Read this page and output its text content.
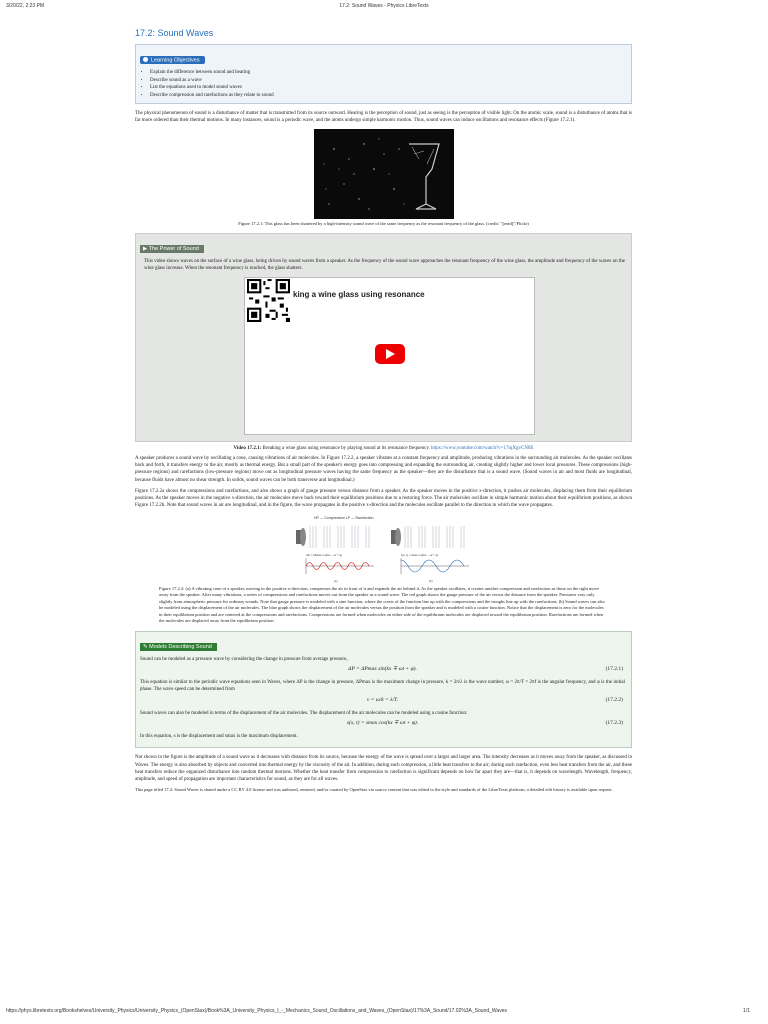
3/20/22, 2:23 PM	17.2: Sound Waves - Physics LibreTexts
17.2: Sound Waves
Learning Objectives
• Explain the difference between sound and hearing
• Describe sound as a wave
• List the equations used to model sound waves
• Describe compression and rarefactions as they relate to sound

The physical phenomenon of sound is a disturbance of matter that is transmitted from its source outward. Hearing is the perception of sound, just as seeing is the perception of visible light. On the atomic scale, sound is a disturbance of atoms that is far more ordered than their thermal motions. In many instances, sound is a periodic wave, and the atoms undergo simple harmonic motion. Thus, sound waves can induce oscillations and resonance effects (Figure 17.2.1).

Figure 17.2.1: This glass has been shattered by a high-intensity sound wave of the same frequency as the resonant frequency of the glass. (credit: "||read||"/Flickr)
▶ The Power of Sound

This video shows waves on the surface of a wine glass, being driven by sound waves from a speaker. As the frequency of the sound wave approaches the resonant frequency of the wine glass, the amplitude and frequency of the waves on the wine glass increase. When the resonant frequency is reached, the glass shatters.

king a wine glass using resonance
Video 17.2.1: Breaking a wine glass using resonance by playing sound at its resonance frequency. https://www.youtube.com/watch?v=17tqXgvCN0E

A speaker produces a sound wave by oscillating a cone, causing vibrations of air molecules. In Figure 17.2.2, a speaker vibrates at a constant frequency and amplitude, producing vibrations in the surrounding air molecules. As the speaker oscillates back and forth, it transfers energy to the air, mostly as thermal energy. But a small part of the speaker's energy goes into compressing and expanding the surrounding air, creating slightly higher and lower local pressures. These compressions (high-pressure regions) and rarefactions (low-pressure regions) move out as longitudinal pressure waves having the same frequency as the speaker—they are the disturbance that is a sound wave. (Sound waves in air and most fluids are longitudinal, because fluids have almost no shear strength. In solids, sound waves can be both transverse and longitudinal.)

Figure 17.2.2a shows the compressions and rarefactions, and also shows a graph of gauge pressure versus distance from a speaker. As the speaker moves in the positive x-direction, it pushes air molecules, displacing them from their equilibrium positions. As the speaker moves in the negative x-direction, the air molecules move back toward their equilibrium positions due to a restoring force. The air molecules oscillate in simple harmonic motion about their equilibrium positions, as shown Figure 17.2.2b. Note that sound waves in air are longitudinal, and in the figure, the wave propagates in the positive x-direction and the molecules oscillate parallel to the direction in which the wave propagates.

HP — Compression LP — Rarefaction
ΔP = ΔPmax cos(kx − ωt + φ)
(a)
s(x, t) = smax cos(kx − ωt + φ)
(b)
Figure 17.2.2: (a) A vibrating cone of a speaker, moving in the positive x-direction, compresses the air in front of it and expands the air behind it. As the speaker oscillates, it creates another compression and rarefaction as those on the right move away from the speaker. After many vibrations, a series of compressions and rarefactions moves out from the speaker as a sound wave. The red graph shows the gauge pressure of the air versus the distance from the speaker. Pressures vary only slightly from atmospheric pressure for ordinary sounds. Note that gauge pressure is modeled with a sine function, where the crests of the function line up with the compressions and the troughs line up with the rarefactions. (b) Sound waves can also be modeled using the displacement of the air molecules. The blue graph shows the displacement of the air molecules versus the position from the speaker and is modeled with a cosine function. Notice that the displacement is zero for the molecules in their equilibrium position and are centered at the compressions and rarefactions. Compressions are formed when molecules on either side of the equilibrium molecules are displaced toward the equilibrium position. Rarefactions are formed when the molecules are displaced away from the equilibrium position.
✎ Models Describing Sound

Sound can be modeled as a pressure wave by considering the change in pressure from average pressure,

ΔP = ΔPmax sin(kx ∓ ωt + φ).	(17.2.1)

This equation is similar to the periodic wave equations seen in Waves, where ΔP is the change in pressure, ΔPmax is the maximum change in pressure, k = 2π/λ is the wave number, ω = 2π/T = 2πf is the angular frequency, and φ is the initial phase. The wave speed can be determined from

v = ω/k = λ/T.	(17.2.2)

Sound waves can also be modeled in terms of the displacement of the air molecules. The displacement of the air molecules can be modeled using a cosine function:

s(x, t) = smax cos(kx ∓ ωt + φ).	(17.2.3)

In this equation, s is the displacement and smax is the maximum displacement.

Not shown in the figure is the amplitude of a sound wave as it decreases with distance from its source, because the energy of the wave is spread over a larger and larger area. The intensity decreases as it moves away from the speaker, as discussed in Waves. The energy is also absorbed by objects and converted into thermal energy by the viscosity of the air. In addition, during each compression, a little heat transfers to the air; during each rarefaction, even less heat transfers from the air, and these heat transfers reduce the organized disturbance into random thermal motions. Whether the heat transfer from compression to rarefaction is significant depends on how far apart they are—that is, it depends on wavelength. Wavelength, frequency, amplitude, and speed of propagation are important characteristics for sound, as they are for all waves.

This page titled 17.2: Sound Waves is shared under a CC BY 4.0 license and was authored, remixed, and/or curated by OpenStax via source content that was edited to the style and standards of the LibreTexts platform; a detailed edit history is available upon request.

https://phys.libretexts.org/Bookshelves/University_Physics/University_Physics_(OpenStax)/Book%3A_University_Physics_I_-_Mechanics_Sound_Oscillations_and_Waves_(OpenStax)/17%3A_Sound/17.02%3A_Sound_Waves	1/1
